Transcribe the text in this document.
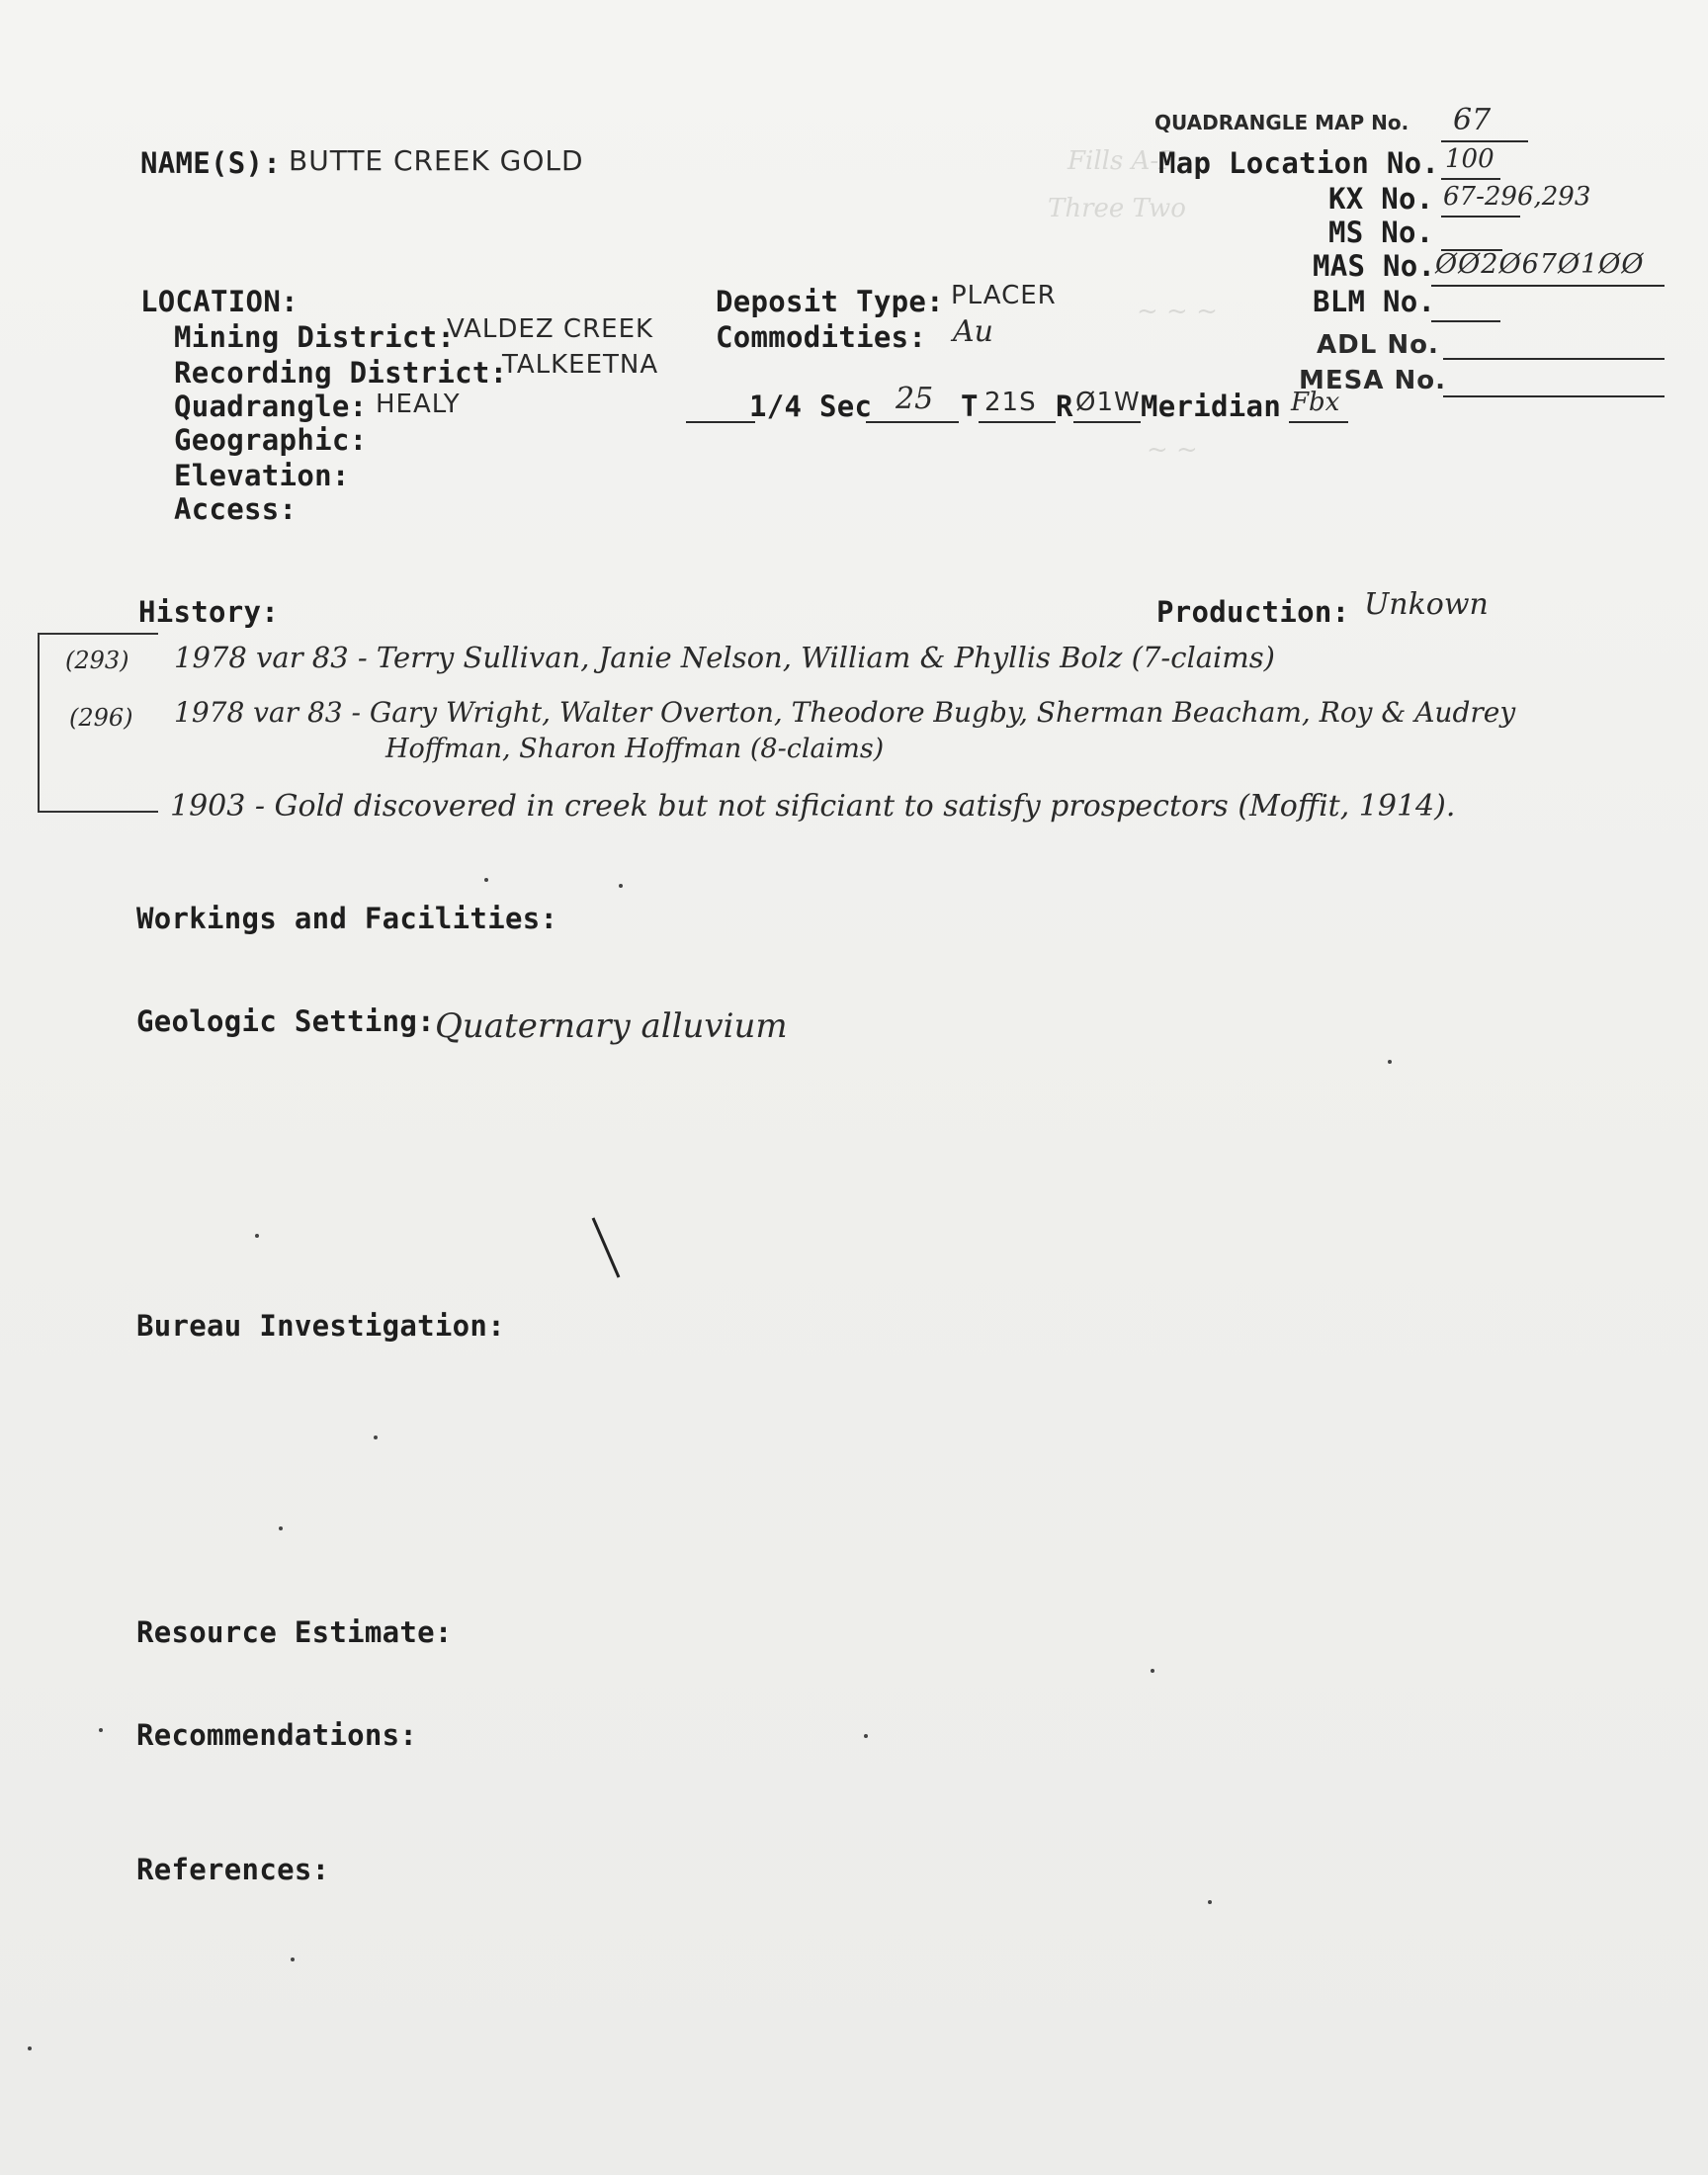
Fills A-P
Three Two
~ ~ ~
~ ~
NAME(S): BUTTE CREEK GOLD
QUADRANGLE MAP No. 67
Map Location No. 100
KX No. 67-296,293
MS No.
MAS No. ØØ2Ø67Ø1ØØ
BLM No.
ADL No.
MESA No.
LOCATION:
Mining District:
VALDEZ CREEK
Recording District:
TALKEETNA
Quadrangle: HEALY
Geographic:
Elevation:
Access:
Deposit Type: PLACER
Commodities: Au
1/4 Sec 25 T 21S R Ø1W Meridian Fbx
History:	Production: Unkown
(293) 1978 var 83 - Terry Sullivan, Janie Nelson, William & Phyllis Bolz (7-claims)
(296) 1978 var 83 - Gary Wright, Walter Overton, Theodore Bugby, Sherman Beacham, Roy & Audrey
Hoffman, Sharon Hoffman (8-claims)
1903 - Gold discovered in creek but not sificiant to satisfy prospectors (Moffit, 1914).
Workings and Facilities:
Geologic Setting: Quaternary alluvium
Bureau Investigation:
Resource Estimate:
Recommendations:
References:
